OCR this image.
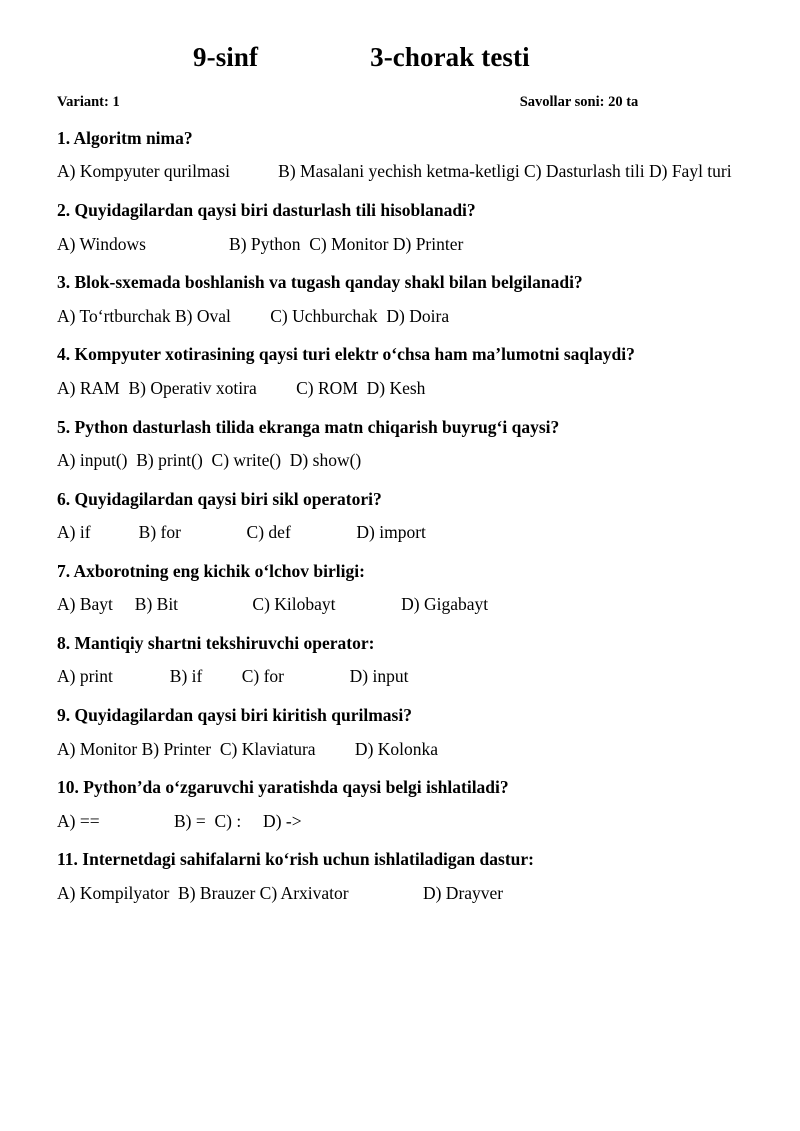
9-sinf	3-chorak testi
Variant: 1	Savollar soni: 20 ta

1. Algoritm nima?

A) Kompyuter qurilmasi      B) Masalani yechish ketma-ketligi C) Dasturlash tili D) Fayl turi

2. Quyidagilardan qaysi biri dasturlash tili hisoblanadi?

A) Windows          B) Python  C) Monitor D) Printer

3. Blok-sxemada boshlanish va tugash qanday shakl bilan belgilanadi?

A) Toʻrtburchak B) Oval     C) Uchburchak  D) Doira

4. Kompyuter xotirasining qaysi turi elektr oʻchsa ham maʼlumotni saqlaydi?

A) RAM  B) Operativ xotira     C) ROM  D) Kesh

5. Python dasturlash tilida ekranga matn chiqarish buyrugʻi qaysi?

A) input()  B) print()  C) write()  D) show()

6. Quyidagilardan qaysi biri sikl operatori?

A) if      B) for        C) def        D) import

7. Axborotning eng kichik oʻlchov birligi:

A) Bayt   B) Bit         C) Kilobayt        D) Gigabayt

8. Mantiqiy shartni tekshiruvchi operator:

A) print       B) if     C) for        D) input

9. Quyidagilardan qaysi biri kiritish qurilmasi?

A) Monitor B) Printer  C) Klaviatura     D) Kolonka

10. Python’da oʻzgaruvchi yaratishda qaysi belgi ishlatiladi?

A) ==         B) =  C) :   D) ->

11. Internetdagi sahifalarni koʻrish uchun ishlatiladigan dastur:

A) Kompilyator  B) Brauzer C) Arxivator         D) Drayver
